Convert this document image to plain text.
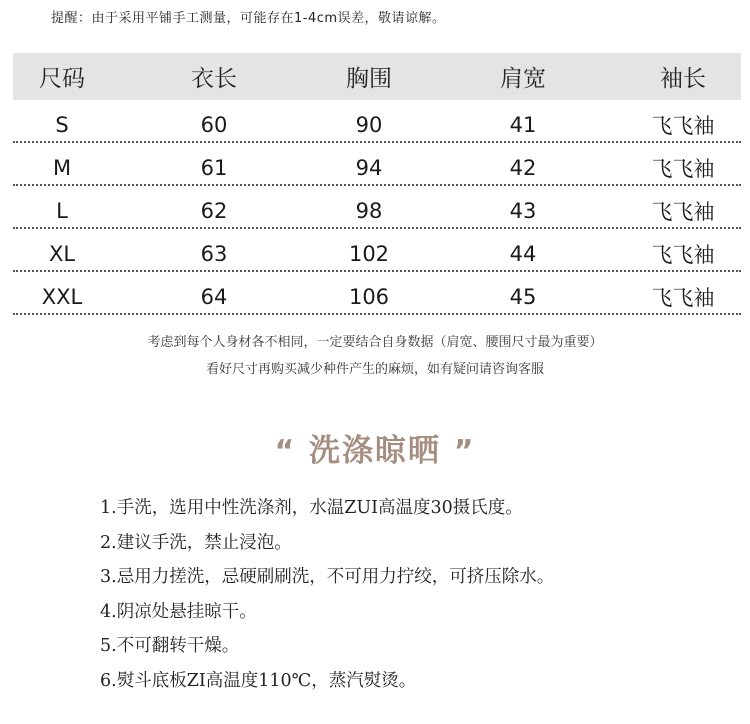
提醒：由于采用平铺手工测量，可能存在1-4cm误差，敬请谅解。
尺码	衣长	胸围	肩宽	袖长
S	60	90	41	飞飞袖
M	61	94	42	飞飞袖
L	62	98	43	飞飞袖
XL	63	102	44	飞飞袖
XXL	64	106	45	飞飞袖
考虑到每个人身材各不相同，一定要结合自身数据（肩宽、腰围尺寸最为重要）
看好尺寸再购买减少种件产生的麻烦，如有疑问请咨询客服
“ 洗涤晾晒 ”
1.手洗，选用中性洗涤剂，水温ZUI高温度30摄氏度。
2.建议手洗，禁止浸泡。
3.忌用力搓洗，忌硬刷刷洗，不可用力拧绞，可挤压除水。
4.阴凉处悬挂晾干。
5.不可翻转干燥。
6.熨斗底板ZI高温度110℃，蒸汽熨烫。
